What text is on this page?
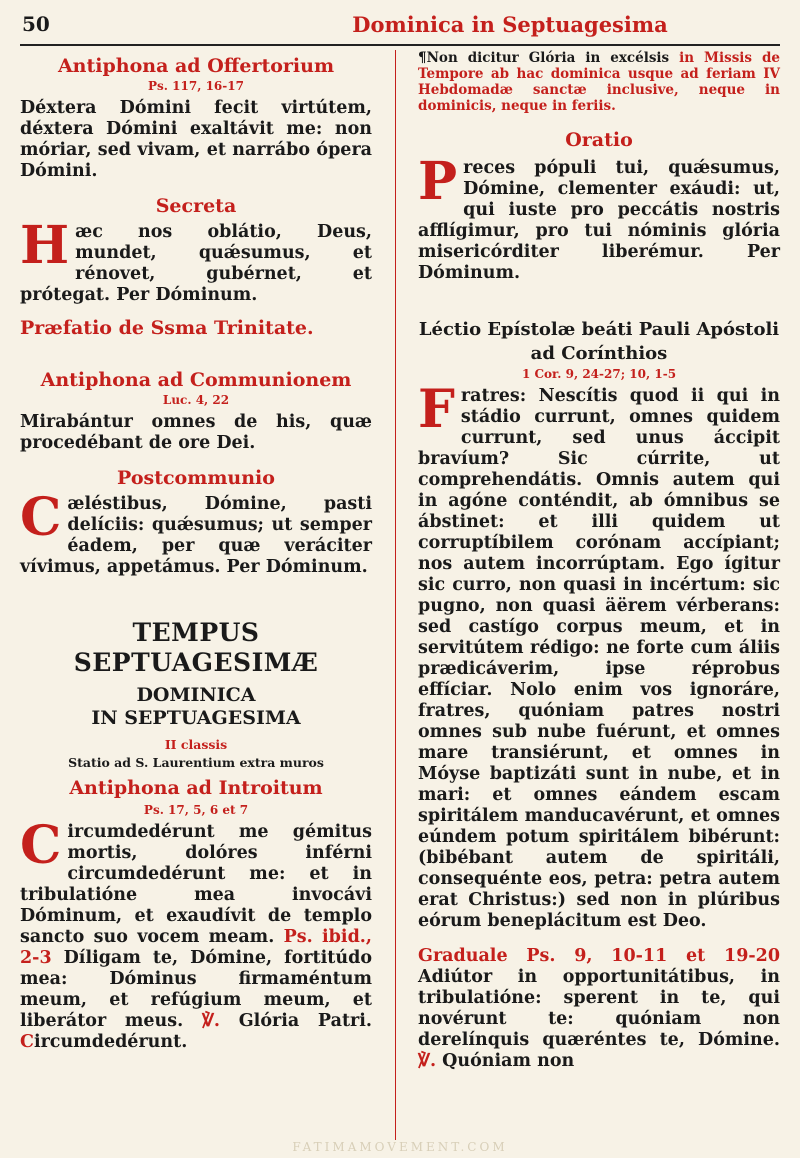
50	Dominica in Septuagesima
Antiphona ad Offertorium
Ps. 117, 16-17

Déxtera Dómini fecit virtútem, déxtera Dómini exaltávit me: non móriar, sed vivam, et narrábo ópera Dómini.

Secreta

Hæc nos oblátio, Deus, mundet, quǽsumus, et rénovet, gubérnet, et prótegat. Per Dóminum.

Præfatio de Ssma Trinitate.
Antiphona ad Communionem
Luc. 4, 22

Mirabántur omnes de his, quæ procedébant de ore Dei.

Postcommunio

Cæléstibus, Dómine, pasti delíciis: quǽsumus; ut semper éadem, per quæ veráciter vívimus, appetámus. Per Dóminum.

TEMPUS
SEPTUAGESIMÆ
DOMINICA
IN SEPTUAGESIMA
II classis
Statio ad S. Laurentium extra muros
Antiphona ad Introitum
Ps. 17, 5, 6 et 7

Circumdedérunt me gémitus mortis, dolóres inférni circumdedérunt me: et in tribulatióne mea invocávi Dóminum, et exaudívit de templo sancto suo vocem meam. Ps. ibid., 2-3 Díligam te, Dómine, fortitúdo mea: Dóminus firmaméntum meum, et refúgium meum, et liberátor meus. ℣. Glória Patri. Circumdedérunt.

¶Non dicitur Glória in excélsis in Missis de Tempore ab hac dominica usque ad feriam IV Hebdomadæ sanctæ inclusive, neque in dominicis, neque in feriis.

Oratio

Preces pópuli tui, quǽsumus, Dómine, clementer exáudi: ut, qui iuste pro peccátis nostris afflígimur, pro tui nóminis glória misericórditer liberémur. Per Dóminum.

Léctio Epístolæ beáti Pauli Apóstoli ad Corínthios
1 Cor. 9, 24-27; 10, 1-5

Fratres: Nescítis quod ii qui in stádio currunt, omnes quidem currunt, sed unus áccipit bravíum? Sic cúrrite, ut comprehendátis. Omnis autem qui in agóne conténdit, ab ómnibus se ábstinet: et illi quidem ut corruptíbilem corónam accípiant; nos autem incorrúptam. Ego ígitur sic curro, non quasi in incértum: sic pugno, non quasi äërem vérberans: sed castígo corpus meum, et in servitútem rédigo: ne forte cum áliis prædicáverim, ipse réprobus effíciar. Nolo enim vos ignoráre, fratres, quóniam patres nostri omnes sub nube fuérunt, et omnes mare transiérunt, et omnes in Móyse baptizáti sunt in nube, et in mari: et omnes eándem escam spiritálem manducavérunt, et omnes eúndem potum spiritálem bibérunt: (bibébant autem de spiritáli, consequénte eos, petra: petra autem erat Christus:) sed non in plúribus eórum beneplácitum est Deo.

Graduale Ps. 9, 10-11 et 19-20 Adiútor in opportunitátibus, in tribulatióne: sperent in te, qui novérunt te: quóniam non derelínquis quæréntes te, Dómine. ℣. Quóniam non

FATIMAMOVEMENT.COM
